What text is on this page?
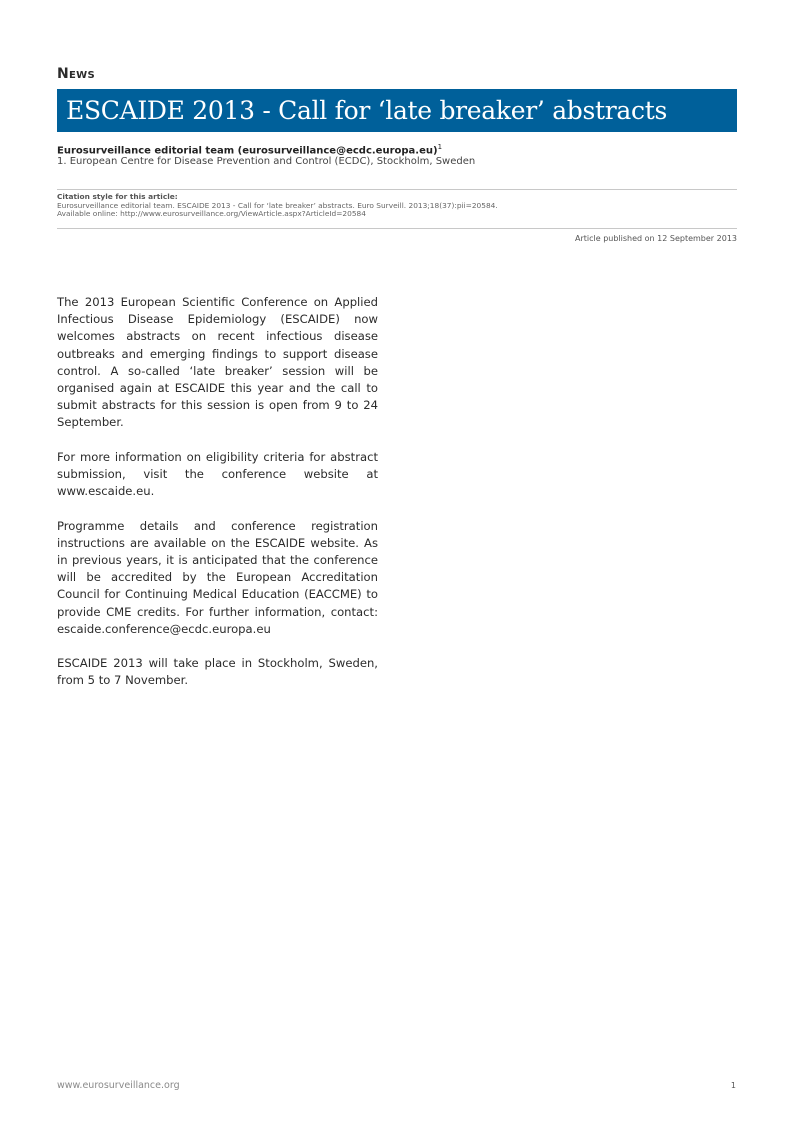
News
ESCAIDE 2013 - Call for ‘late breaker’ abstracts
Eurosurveillance editorial team (eurosurveillance@ecdc.europa.eu)$^1$
1. European Centre for Disease Prevention and Control (ECDC), Stockholm, Sweden
Citation style for this article:
Eurosurveillance editorial team. ESCAIDE 2013 - Call for ‘late breaker’ abstracts. Euro Surveill. 2013;18(37):pii=20584.
Available online: http://www.eurosurveillance.org/ViewArticle.aspx?ArticleId=20584
Article published on 12 September 2013

The 2013 European Scientific Conference on Applied Infectious Disease Epidemiology (ESCAIDE) now welcomes abstracts on recent infectious disease outbreaks and emerging findings to support disease control. A so-called ‘late breaker’ session will be organised again at ESCAIDE this year and the call to submit abstracts for this session is open from 9 to 24 September.

For more information on eligibility criteria for abstract submission, visit the conference website at www.escaide.eu.

Programme details and conference registration instructions are available on the ESCAIDE website. As in previous years, it is anticipated that the conference will be accredited by the European Accreditation Council for Continuing Medical Education (EACCME) to provide CME credits. For further information, contact: escaide.conference@ecdc.europa.eu

ESCAIDE 2013 will take place in Stockholm, Sweden, from 5 to 7 November.

www.eurosurveillance.org	1
